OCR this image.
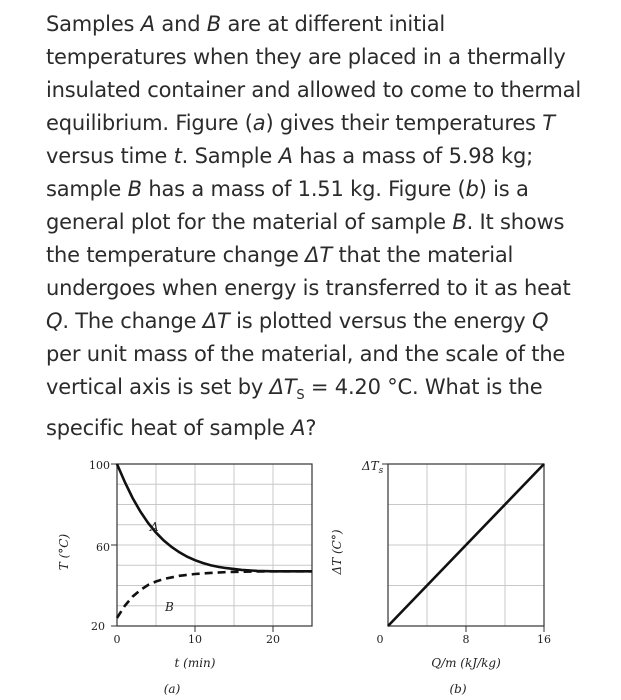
Samples A and B are at different initial temperatures when they are placed in a thermally insulated container and allowed to come to thermal equilibrium. Figure (a) gives their temperatures T versus time t. Sample A has a mass of 5.98 kg; sample B has a mass of 1.51 kg. Figure (b) is a general plot for the material of sample B. It shows the temperature change ΔT that the material undergoes when energy is transferred to it as heat Q. The change ΔT is plotted versus the energy Q per unit mass of the material, and the scale of the vertical axis is set by $\Delta T_S = 4.20$ °C. What is the specific heat of sample A?
A
B
100
60
20
0	10	20
t (min)
(a)
T (°C)
$\Delta T_s$
0	8	16
Q/m (kJ/kg)
(b)
ΔT (C°)
